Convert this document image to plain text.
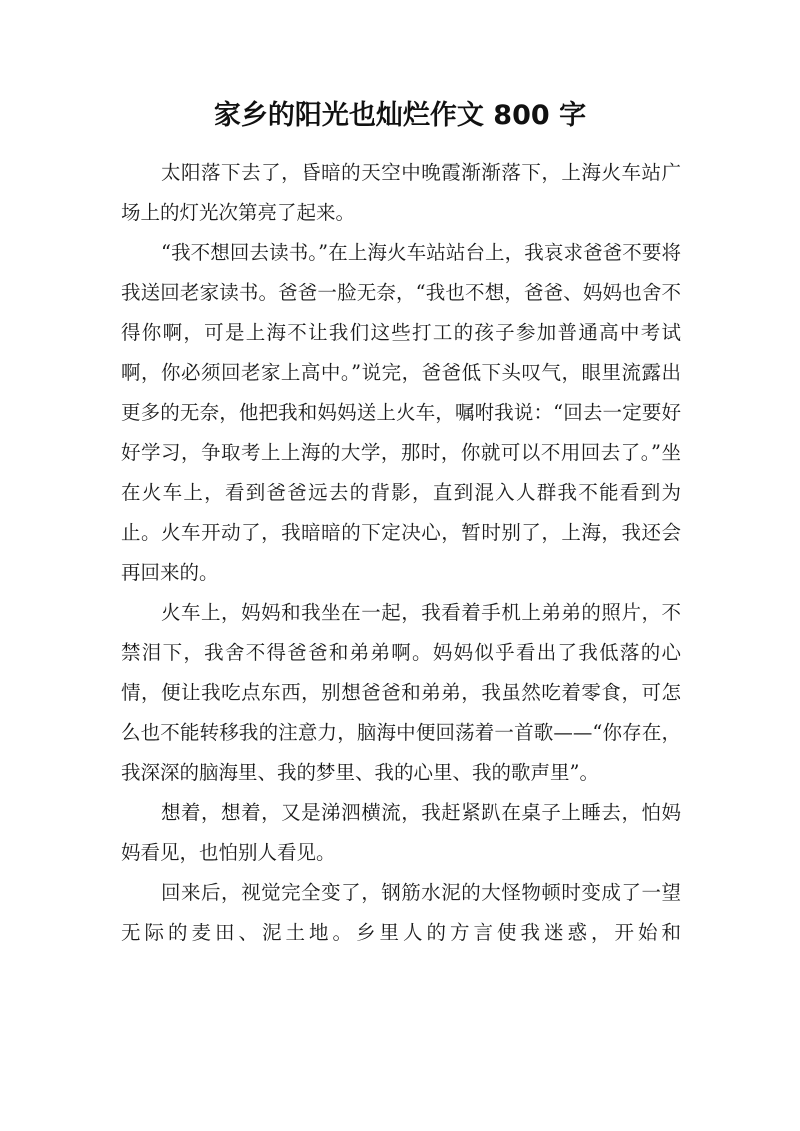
家乡的阳光也灿烂作文 800 字

太阳落下去了，昏暗的天空中晚霞渐渐落下，上海火车站广场上的灯光次第亮了起来。

“我不想回去读书。”在上海火车站站台上，我哀求爸爸不要将我送回老家读书。爸爸一脸无奈，“我也不想，爸爸、妈妈也舍不得你啊，可是上海不让我们这些打工的孩子参加普通高中考试啊，你必须回老家上高中。”说完，爸爸低下头叹气，眼里流露出更多的无奈，他把我和妈妈送上火车，嘱咐我说：“回去一定要好好学习，争取考上上海的大学，那时，你就可以不用回去了。”坐在火车上，看到爸爸远去的背影，直到混入人群我不能看到为止。火车开动了，我暗暗的下定决心，暂时别了，上海，我还会再回来的。

火车上，妈妈和我坐在一起，我看着手机上弟弟的照片，不禁泪下，我舍不得爸爸和弟弟啊。妈妈似乎看出了我低落的心情，便让我吃点东西，别想爸爸和弟弟，我虽然吃着零食，可怎么也不能转移我的注意力，脑海中便回荡着一首歌——“你存在，我深深的脑海里、我的梦里、我的心里、我的歌声里”。

想着，想着，又是涕泗横流，我赶紧趴在桌子上睡去，怕妈妈看见，也怕别人看见。

回来后，视觉完全变了，钢筋水泥的大怪物顿时变成了一望无际的麦田、泥土地。乡里人的方言使我迷惑，开始和
